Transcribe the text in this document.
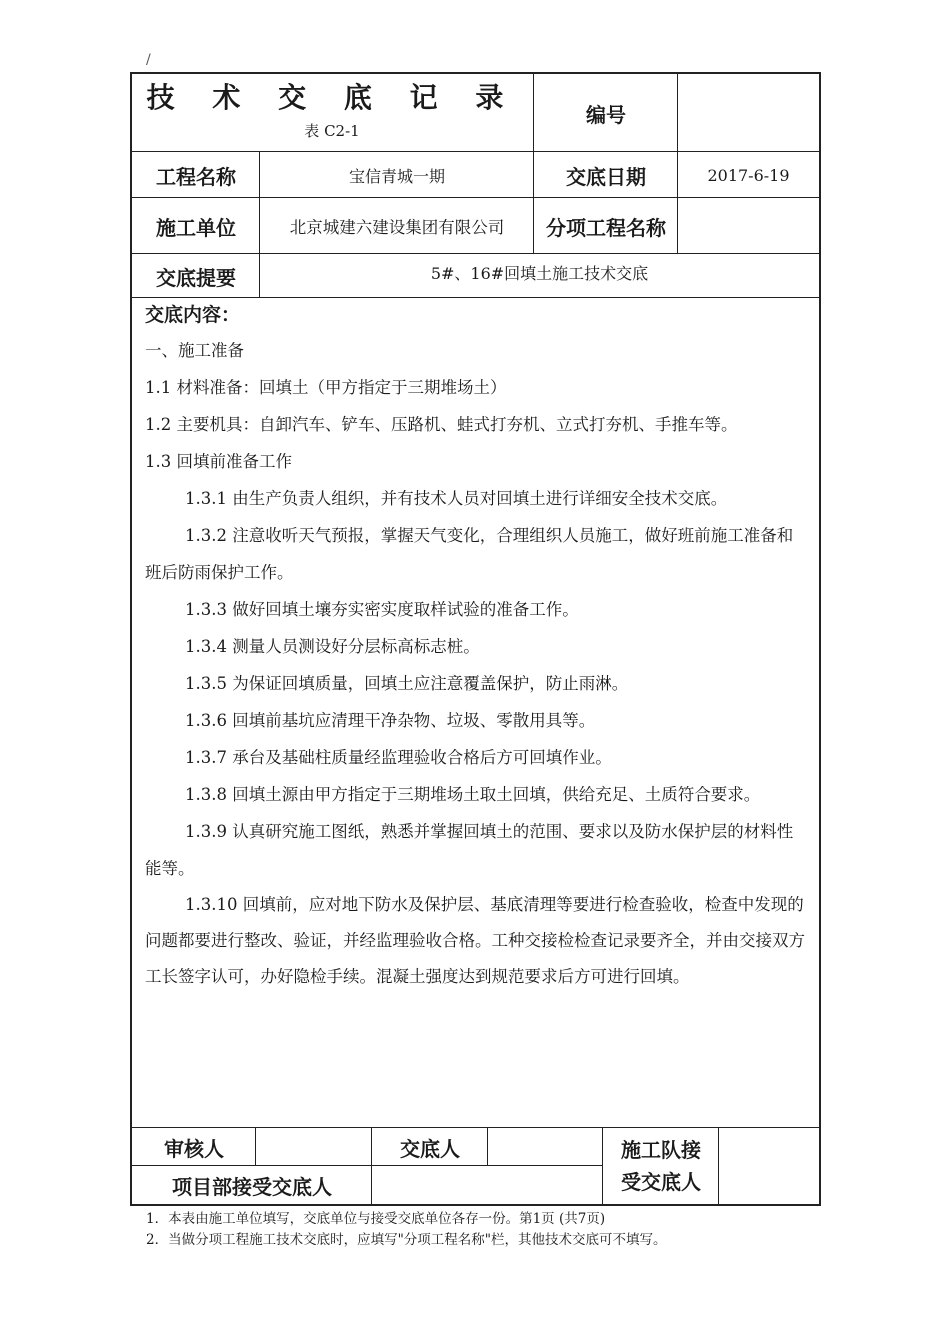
/
技 术 交 底 记 录
表 C2-1
编号
工程名称	宝信青城一期	交底日期	2017-6-19
施工单位	北京城建六建设集团有限公司	分项工程名称
交底提要	5#、16#回填土施工技术交底

交底内容：

一、施工准备

1.1 材料准备：回填土（甲方指定于三期堆场土）

1.2 主要机具：自卸汽车、铲车、压路机、蛙式打夯机、立式打夯机、手推车等。

1.3 回填前准备工作

1.3.1 由生产负责人组织，并有技术人员对回填土进行详细安全技术交底。

1.3.2 注意收听天气预报，掌握天气变化，合理组织人员施工，做好班前施工准备和班后防雨保护工作。

1.3.3 做好回填土壤夯实密实度取样试验的准备工作。

1.3.4 测量人员测设好分层标高标志桩。

1.3.5 为保证回填质量，回填土应注意覆盖保护，防止雨淋。

1.3.6 回填前基坑应清理干净杂物、垃圾、零散用具等。

1.3.7 承台及基础柱质量经监理验收合格后方可回填作业。

1.3.8 回填土源由甲方指定于三期堆场土取土回填，供给充足、土质符合要求。

1.3.9 认真研究施工图纸，熟悉并掌握回填土的范围、要求以及防水保护层的材料性能等。

1.3.10 回填前，应对地下防水及保护层、基底清理等要进行检查验收，检查中发现的问题都要进行整改、验证，并经监理验收合格。工种交接检检查记录要齐全，并由交接双方工长签字认可，办好隐检手续。混凝土强度达到规范要求后方可进行回填。

审核人	交底人	施工队接受交底人
项目部接受交底人
1．本表由施工单位填写，交底单位与接受交底单位各存一份。第1页 (共7页)
2．当做分项工程施工技术交底时，应填写"分项工程名称"栏，其他技术交底可不填写。
